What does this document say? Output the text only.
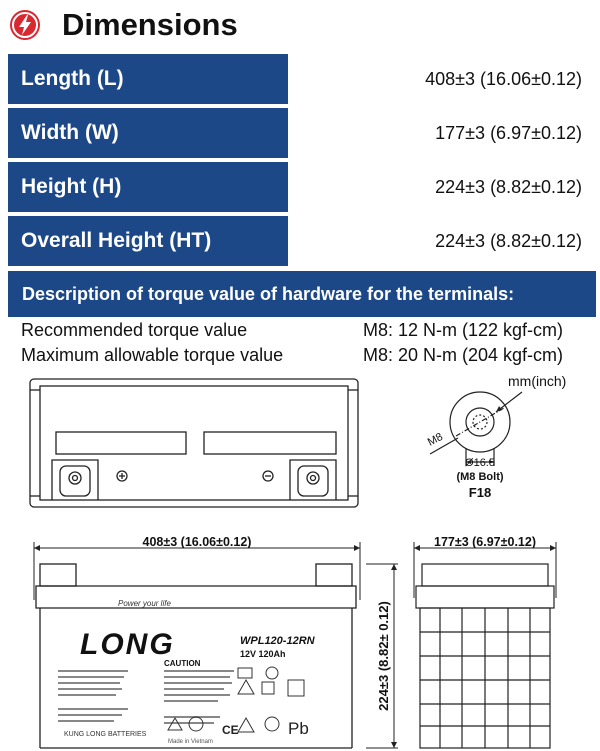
Dimensions
Length (L)	408±3 (16.06±0.12)
Width (W)	177±3 (6.97±0.12)
Height (H)	224±3 (8.82±0.12)
Overall Height (HT)	224±3 (8.82±0.12)
Description of torque value of hardware for the terminals:
Recommended torque value	M8: 12 N-m (122 kgf-cm)
Maximum allowable torque value	M8: 20 N-m (204 kgf-cm)
mm(inch)
M8
Ø16.5
(M8 Bolt)
F18
408±3 (16.06±0.12)
Power your life
LONG	WPL120-12RN
12V 120Ah
CAUTION
CE	Pb
KUNG LONG BATTERIES
Made in Vietnam
224±3 (8.82± 0.12)
177±3 (6.97±0.12)
